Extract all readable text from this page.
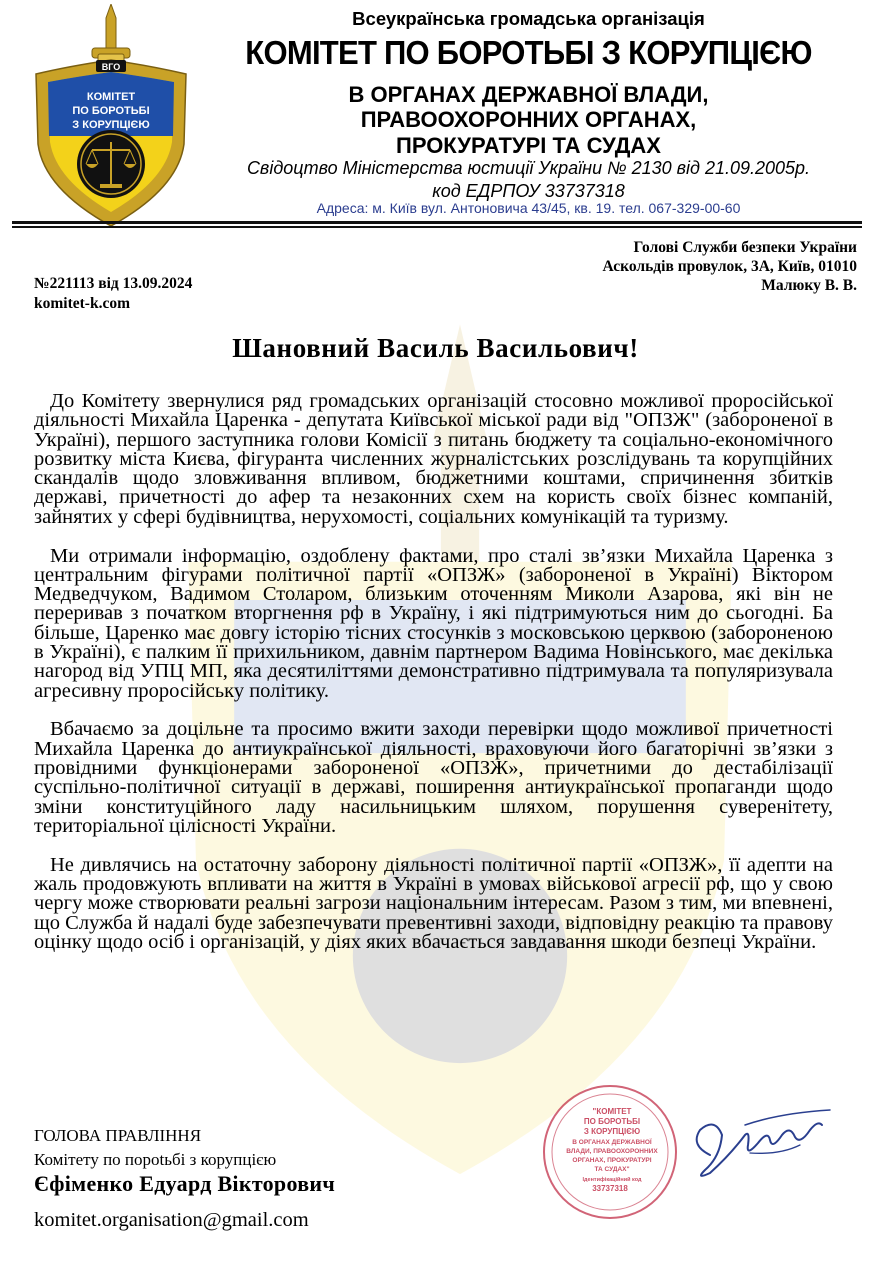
ВГО
КОМІТЕТ
ПО БОРОТЬБІ
З КОРУПЦІЄЮ
Всеукраїнська громадська організація
КОМІТЕТ ПО БОРОТЬБІ З КОРУПЦІЄЮ
В ОРГАНАХ ДЕРЖАВНОЇ ВЛАДИ,
ПРАВООХОРОННИХ ОРГАНАХ,
ПРОКУРАТУРІ ТА СУДАХ
Свідоцтво Міністерства юстиції України № 2130 від 21.09.2005р.
код ЕДРПОУ 33737318
Адреса: м. Київ вул. Антоновича 43/45, кв. 19. тел. 067-329-00-60
Голові Служби безпеки України
Аскольдів провулок, 3А, Київ, 01010
Малюку В. В.
№221113 від 13.09.2024
komitet-k.com
Шановний Василь Васильович!

До Комітету звернулися ряд громадських організацій стосовно можливої проросійської діяльності Михайла Царенка - депутата Київської міської ради від "ОПЗЖ" (забороненої в Україні), першого заступника голови Комісії з питань бюджету та соціально-економічного розвитку міста Києва, фігуранта численних журналістських розслідувань та корупційних скандалів щодо зловживання впливом, бюджетними коштами, спричинення збитків державі, причетності до афер та незаконних схем на користь своїх бізнес компаній, зайнятих у сфері будівництва, нерухомості, соціальних комунікацій та туризму.

Ми отримали інформацію, оздоблену фактами, про сталі зв’язки Михайла Царенка з центральним фігурами політичної партії «ОПЗЖ» (забороненої в Україні) Віктором Медведчуком, Вадимом Столаром, близьким оточенням Миколи Азарова, які він не переривав з початком вторгнення рф в Україну, і які підтримуються ним до сьогодні. Ба більше, Царенко має довгу історію тісних стосунків з московською церквою (забороненою в Україні), є палким її прихильником, давнім партнером Вадима Новінського, має декілька нагород від УПЦ МП, яка десятиліттями демонстративно підтримувала та популяризувала агресивну проросійську політику.

Вбачаємо за доцільне та просимо вжити заходи перевірки щодо можливої причетності Михайла Царенка до антиукраїнської діяльності, враховуючи його багаторічні зв’язки з провідними функціонерами забороненої «ОПЗЖ», причетними до дестабілізації суспільно-політичної ситуації в державі, поширення антиукраїнської пропаганди щодо зміни конституційного ладу насильницьким шляхом, порушення суверенітету, територіальної цілісності України.

Не дивлячись на остаточну заборону діяльності політичної партії «ОПЗЖ», її адепти на жаль продовжують впливати на життя в Україні в умовах військової агресії рф, що у свою чергу може створювати реальні загрози національним інтересам. Разом з тим, ми впевнені, що Служба й надалі буде забезпечувати превентивні заходи, відповідну реакцію та правову оцінку щодо осіб і організацій, у діях яких вбачається завдавання шкоди безпеці України.

ГОЛОВА ПРАВЛІННЯ
Комітету по пороtьбі з корупцією
Єфіменко Едуард Вікторович
komitet.organisation@gmail.com
"КОМІТЕТ
ПО БОРОТЬБІ
З КОРУПЦІЄЮ
В ОРГАНАХ ДЕРЖАВНОЇ
ВЛАДИ, ПРАВООХОРОННИХ
ОРГАНАХ, ПРОКУРАТУРІ
ТА СУДАХ"
Ідентифікаційний код
33737318
